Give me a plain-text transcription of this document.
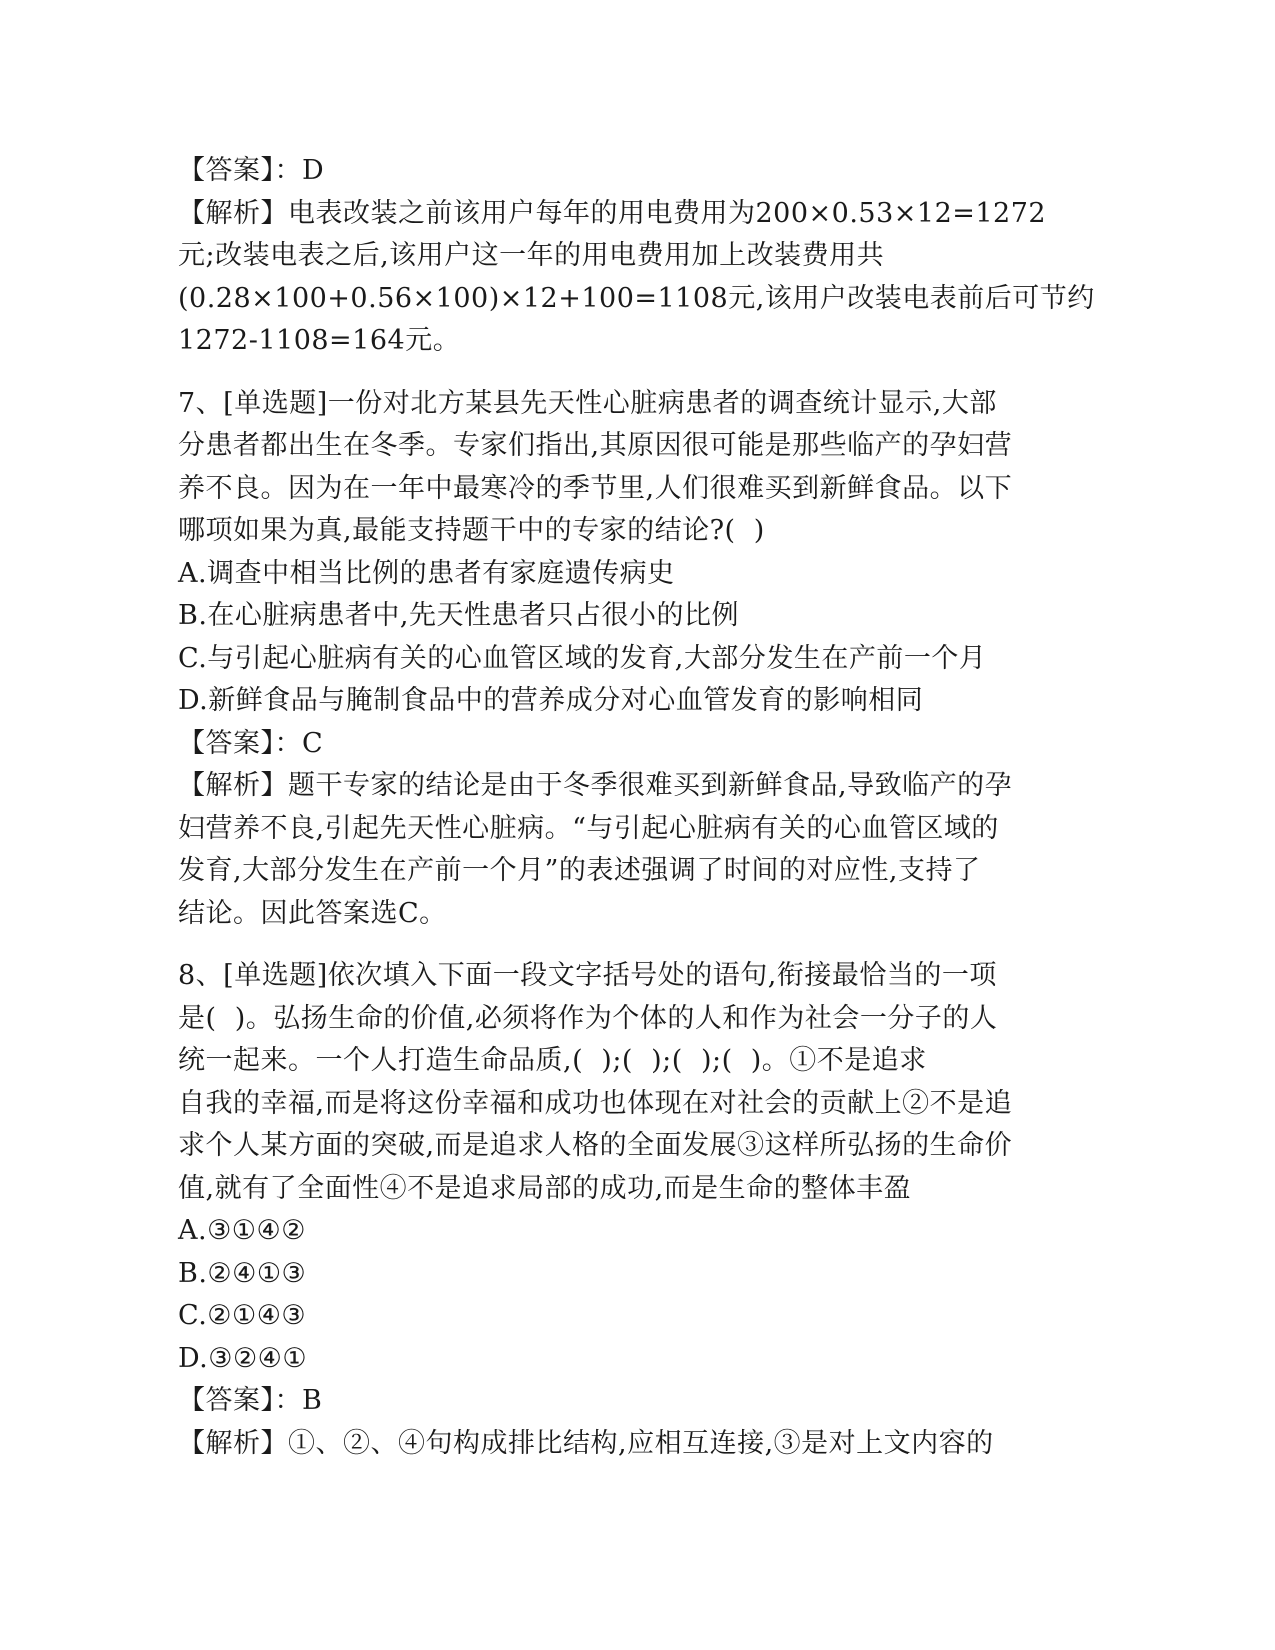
【答案】：D
【解析】电表改装之前该用户每年的用电费用为200×0.53×12=1272
元;改装电表之后,该用户这一年的用电费用加上改装费用共
(0.28×100+0.56×100)×12+100=1108元,该用户改装电表前后可节约
1272-1108=164元。
7、[单选题]一份对北方某县先天性心脏病患者的调查统计显示,大部
分患者都出生在冬季。专家们指出,其原因很可能是那些临产的孕妇营
养不良。因为在一年中最寒冷的季节里,人们很难买到新鲜食品。以下
哪项如果为真,最能支持题干中的专家的结论?(  )
A.调查中相当比例的患者有家庭遗传病史
B.在心脏病患者中,先天性患者只占很小的比例
C.与引起心脏病有关的心血管区域的发育,大部分发生在产前一个月
D.新鲜食品与腌制食品中的营养成分对心血管发育的影响相同
【答案】：C
【解析】题干专家的结论是由于冬季很难买到新鲜食品,导致临产的孕
妇营养不良,引起先天性心脏病。“与引起心脏病有关的心血管区域的
发育,大部分发生在产前一个月”的表述强调了时间的对应性,支持了
结论。因此答案选C。
8、[单选题]依次填入下面一段文字括号处的语句,衔接最恰当的一项
是(  )。弘扬生命的价值,必须将作为个体的人和作为社会一分子的人
统一起来。一个人打造生命品质,(  );(  );(  );(  )。①不是追求
自我的幸福,而是将这份幸福和成功也体现在对社会的贡献上②不是追
求个人某方面的突破,而是追求人格的全面发展③这样所弘扬的生命价
值,就有了全面性④不是追求局部的成功,而是生命的整体丰盈
A.③①④②
B.②④①③
C.②①④③
D.③②④①
【答案】：B
【解析】①、②、④句构成排比结构,应相互连接,③是对上文内容的
